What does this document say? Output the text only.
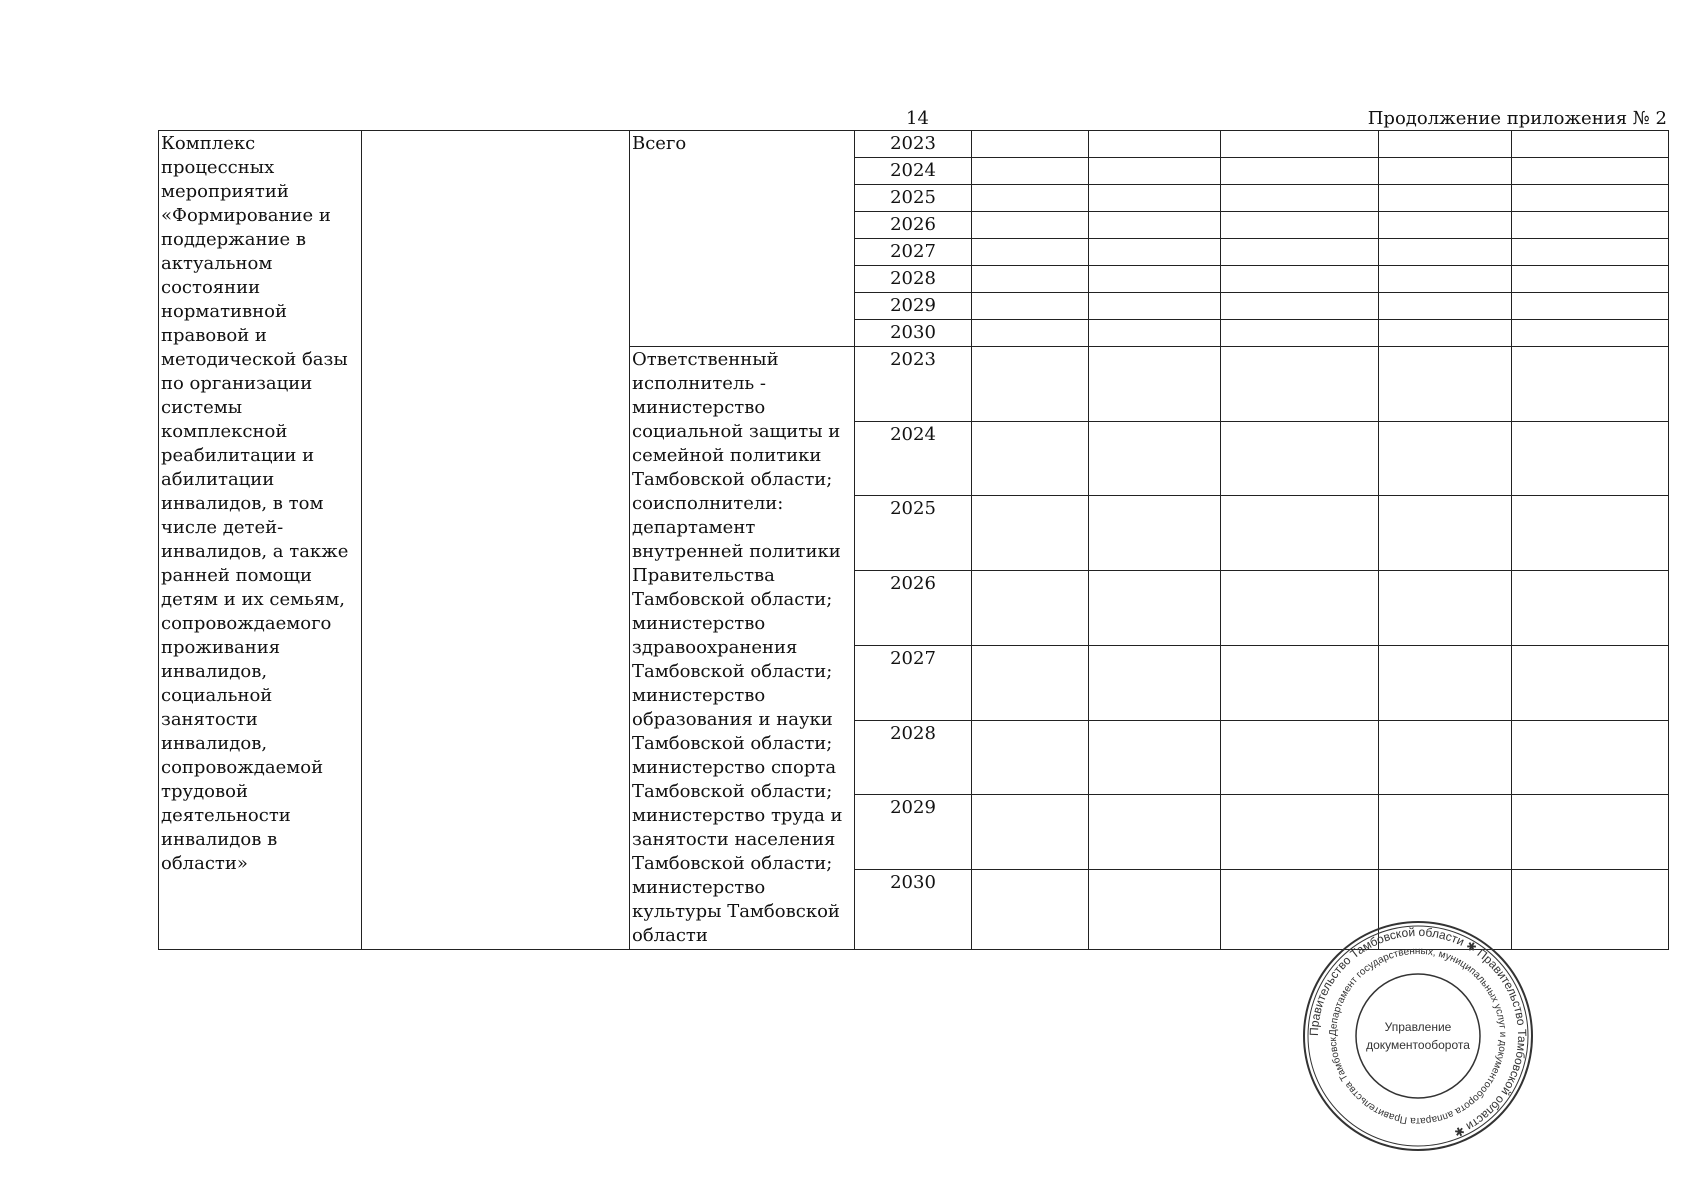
14	Продолжение приложения № 2
Комплекс процессных мероприятий «Формирование и поддержание в актуальном состоянии нормативной правовой и методической базы по организации системы комплексной реабилитации и абилитации инвалидов, в том числе детей-инвалидов, а также ранней помощи детям и их семьям, сопровождаемого проживания инвалидов, социальной занятости инвалидов, сопровождаемой трудовой деятельности инвалидов в области»		Всего	2023					
			2024					
			2025					
			2026					
			2027					
			2028					
			2029					
			2030					
		Ответственный исполнитель - министерство социальной защиты и семейной политики Тамбовской области; соисполнители: департамент внутренней политики Правительства Тамбовской области; министерство здравоохранения Тамбовской области; министерство образования и науки Тамбовской области; министерство спорта Тамбовской области; министерство труда и занятости населения Тамбовской области; министерство культуры Тамбовской области	2023					
			2024					
			2025					
			2026					
			2027					
			2028					
			2029					
			2030					
Правительство Тамбовской области ✱ Правительство Тамбовской области ✱
Департамент государственных, муниципальных услуг и документооборота аппарата Правительства Тамбовск
Управление
документооборота
